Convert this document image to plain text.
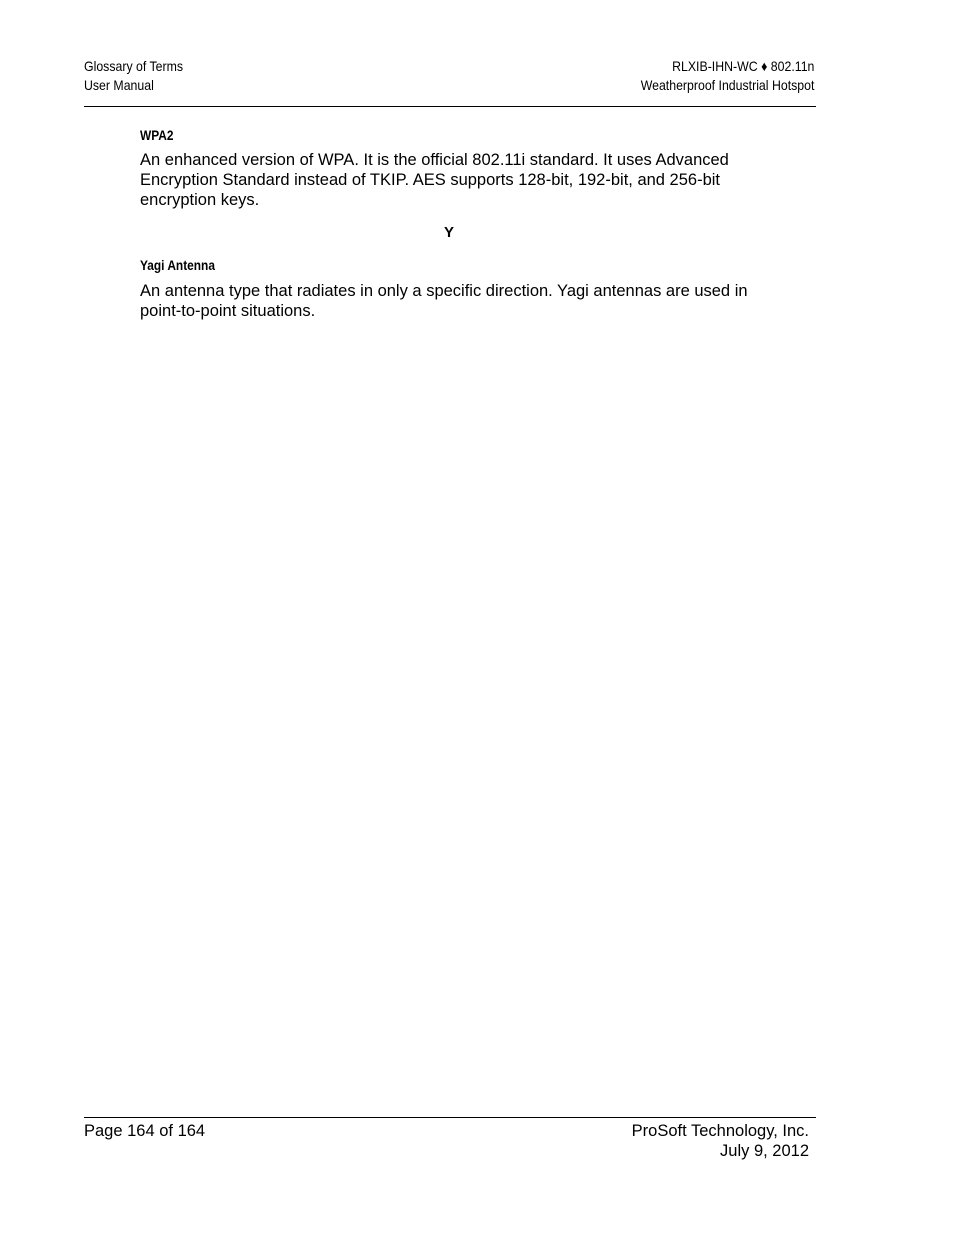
Glossary of Terms
User Manual
RLXIB-IHN-WC ♦ 802.11n
Weatherproof Industrial Hotspot
WPA2

An enhanced version of WPA. It is the official 802.11i standard. It uses Advanced Encryption Standard instead of TKIP. AES supports 128-bit, 192-bit, and 256-bit encryption keys.

Y
Yagi Antenna

An antenna type that radiates in only a specific direction. Yagi antennas are used in point-to-point situations.

Page 164 of 164	ProSoft Technology, Inc.
July 9, 2012
